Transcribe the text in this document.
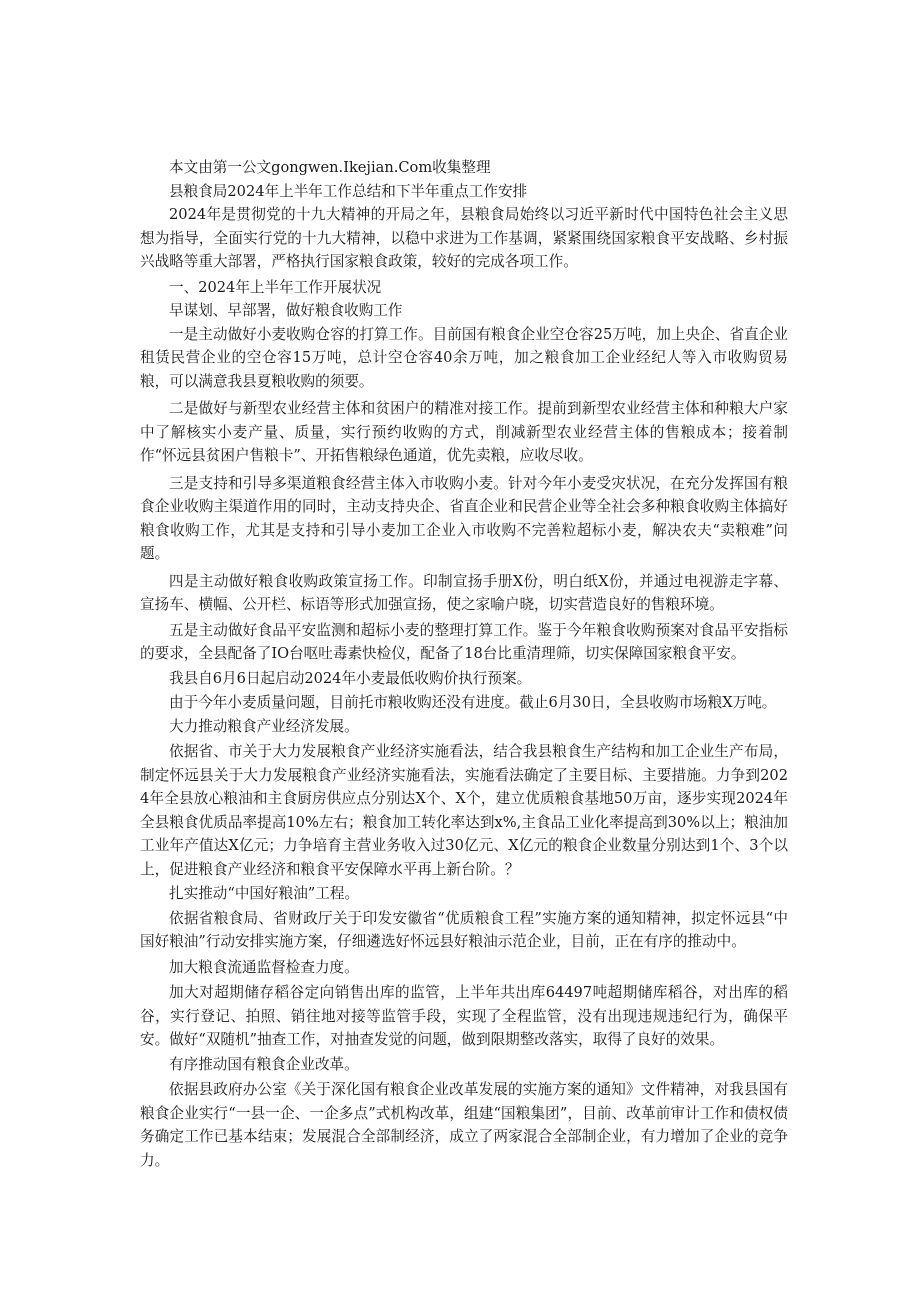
本文由第一公文gongwen.Ikejian.Com收集整理

县粮食局2024年上半年工作总结和下半年重点工作安排

2024年是贯彻党的十九大精神的开局之年，县粮食局始终以习近平新时代中国特色社会主义思想为指导，全面实行党的十九大精神，以稳中求进为工作基调，紧紧围绕国家粮食平安战略、乡村振兴战略等重大部署，严格执行国家粮食政策，较好的完成各项工作。

一、2024年上半年工作开展状况

早谋划、早部署，做好粮食收购工作

一是主动做好小麦收购仓容的打算工作。目前国有粮食企业空仓容25万吨，加上央企、省直企业租赁民营企业的空仓容15万吨，总计空仓容40余万吨，加之粮食加工企业经纪人等入市收购贸易粮，可以满意我县夏粮收购的须要。

二是做好与新型农业经营主体和贫困户的精准对接工作。提前到新型农业经营主体和种粮大户家中了解核实小麦产量、质量，实行预约收购的方式，削减新型农业经营主体的售粮成本；接着制作“怀远县贫困户售粮卡”、开拓售粮绿色通道，优先卖粮，应收尽收。

三是支持和引导多渠道粮食经营主体入市收购小麦。针对今年小麦受灾状况，在充分发挥国有粮食企业收购主渠道作用的同时，主动支持央企、省直企业和民营企业等全社会多种粮食收购主体搞好粮食收购工作，尤其是支持和引导小麦加工企业入市收购不完善粒超标小麦，解决农夫“卖粮难”问题。

四是主动做好粮食收购政策宣扬工作。印制宣扬手册X份，明白纸X份，并通过电视游走字幕、宣扬车、横幅、公开栏、标语等形式加强宣扬，使之家喻户晓，切实营造良好的售粮环境。

五是主动做好食品平安监测和超标小麦的整理打算工作。鉴于今年粮食收购预案对食品平安指标的要求，全县配备了IO台呕吐毒素快检仪，配备了18台比重清理筛，切实保障国家粮食平安。

我县自6月6日起启动2024年小麦最低收购价执行预案。

由于今年小麦质量问题，目前托市粮收购还没有进度。截止6月30日，全县收购市场粮X万吨。

大力推动粮食产业经济发展。

依据省、市关于大力发展粮食产业经济实施看法，结合我县粮食生产结构和加工企业生产布局，制定怀远县关于大力发展粮食产业经济实施看法，实施看法确定了主要目标、主要措施。力争到2024年全县放心粮油和主食厨房供应点分别达X个、X个，建立优质粮食基地50万亩，逐步实现2024年全县粮食优质品率提高10%左右；粮食加工转化率达到x%,主食品工业化率提高到30%以上；粮油加工业年产值达X亿元；力争培育主营业务收入过30亿元、X亿元的粮食企业数量分别达到1个、3个以上，促进粮食产业经济和粮食平安保障水平再上新台阶。？

扎实推动“中国好粮油”工程。

依据省粮食局、省财政厅关于印发安徽省“优质粮食工程”实施方案的通知精神，拟定怀远县“中国好粮油”行动安排实施方案，仔细遴选好怀远县好粮油示范企业，目前，正在有序的推动中。

加大粮食流通监督检查力度。

加大对超期储存稻谷定向销售出库的监管，上半年共出库64497吨超期储库稻谷，对出库的稻谷，实行登记、拍照、销往地对接等监管手段，实现了全程监管，没有出现违规违纪行为，确保平安。做好“双随机”抽查工作，对抽查发觉的问题，做到限期整改落实，取得了良好的效果。

有序推动国有粮食企业改革。

依据县政府办公室《关于深化国有粮食企业改革发展的实施方案的通知》文件精神，对我县国有粮食企业实行“一县一企、一企多点”式机构改革，组建“国粮集团”，目前、改革前审计工作和债权债务确定工作已基本结束；发展混合全部制经济，成立了两家混合全部制企业，有力增加了企业的竞争力。
